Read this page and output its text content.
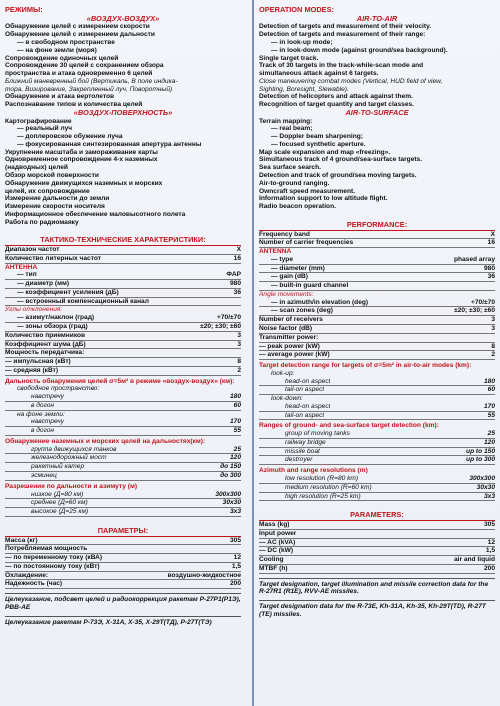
РЕЖИМЫ:
«ВОЗДУХ-ВОЗДУХ»
Обнаружение целей с измерением скорости
Обнаружение целей с измерением дальности
— в свободном пространстве
— на фоне земли (моря)
Сопровождение одиночных целей
Сопровождение 30 целей с сохранением обзора
пространства и атака одновременно 6 целей
Ближний маневренный бой (Вертикаль, В поле индика-
тора, Визирование, Закрепленный луч, Поворотный)
Обнаружение и атака вертолетов
Распознавание типов и количества целей
«ВОЗДУХ-ПОВЕРХНОСТЬ»
Картографирование
— реальный луч
— доплеровское обужение луча
— фокусированная синтезированная апертура антенны
Укрупнение масштаба и замораживание карты
Одновременное сопровождение 4-х наземных
(надводных) целей
Обзор морской поверхности
Обнаружение движущихся наземных и морских
целей, их сопровождение
Измерение дальности до земли
Измерение скорости носителя
Информационное обеспечение маловысотного полета
Работа по радиомаяку
ТАКТИКО-ТЕХНИЧЕСКИЕ ХАРАКТЕРИСТИКИ:
Диапазон частот	X
Количество литерных частот	16
АНТЕННА
— тип	ФАР
— диаметр (мм)	980
— коэффициент усиления (дБ)	36
— встроенный компенсационный канал
Углы отклонения:
— азимут/наклон (град)	+70/±70
— зоны обзора (град)	±20; ±30; ±60
Количество приемников	3
Коэффициент шума (дБ)	3
Мощность передатчика:
— импульсная (кВт)	8
— средняя (кВт)	2
Дальность обнаружения целей σ=5м² в режиме «воздух-воздух» (км):
свободное пространство:
навстречу	180
в догон	60
на фоне земли:
навстречу	170
в догон	55
Обнаружение наземных и морских целей на дальностях(км):
группа движущихся танков	25
железнодорожный мост	120
ракетный катер	до 150
эсминец	до 300
Разрешение по дальности и азимуту (м)
низкое (Д=80 км)	300x300
среднее (Д=60 км)	30x30
высокое (Д=25 км)	3x3
ПАРАМЕТРЫ:
Масса (кг)	305
Потребляемая мощность
— по переменному току (кВА)	12
— по постоянному току (кВт)	1,5
Охлаждение:	воздушно-жидкостное
Надежность (час)	200
Целеуказание, подсвет целей и радиокоррекция ракетам Р-27Р1(Р1Э), РВВ-АЕ
Целеуказание ракетам Р-73Э, Х-31А, Х-35, Х-29Т(ТД), Р-27Т(ТЭ)
OPERATION MODES:
AIR-TO-AIR
Detection of targets and measurement of their velocity.
Detection of targets and measurement of their range:
— in look-up mode;
— in look-down mode (against ground/sea background).
Single target track.
Track of 30 targets in the track-while-scan mode and
simultaneous attack against 6 targets.
Close maneuvering combat modes (Vertical, HUD field of view,
Sighting, Boresight, Slewable).
Detection of helicopters and attack against them.
Recognition of target quantity and target classes.
AIR-TO-SURFACE
Terrain mapping:
— real beam;
— Doppler beam sharpening;
— focused synthetic aperture.
Map scale expansion and map «freezing».
Simultaneous track of 4 ground/sea-surface targets.
Sea surface search.
Detection and track of ground/sea moving targets.
Air-to-ground ranging.
Owncraft speed measurement.
Information support to low altitude flight.
Radio beacon operation.
PERFORMANCE:
Frequency band	X
Number of carrier frequencies	16
ANTENNA
— type	phased array
— diameter (mm)	980
— gain (dB)	36
— built-in guard channel
Angle movements:
— in azimuth/in elevation (deg)	+70/±70
— scan zones (deg)	±20; ±30; ±60
Number of receivers	3
Noise factor (dB)	3
Transmitter power:
— peak power (kW)	8
— average power (kW)	2
Target detection range for targets of σ=5m² in air-to-air modes (km):
look-up:
head-on aspect	180
tail-on aspect	60
look-down:
head-on aspect	170
tail-on aspect	55
Ranges of ground- and sea-surface target detection (km):
group of moving tanks	25
railway bridge	120
missile boat	up to 150
destroyer	up to 300
Azimuth and range resolutions (m)
low resolution (R=80 km)	300x300
medium resolution (R=60 km)	30x30
high resolution (R=25 km)	3x3
PARAMETERS:
Mass (kg)	305
Input power
— AC (kVA)	12
— DC (kW)	1,5
Cooling	air and liquid
MTBF (h)	200
Target designation, target illumination and missile correction data for the R-27R1 (R1E), RVV-AE missiles.
Target designation data for the R-73E, Kh-31A, Kh-35, Kh-29T(TD), R-27T (TE) missiles.
